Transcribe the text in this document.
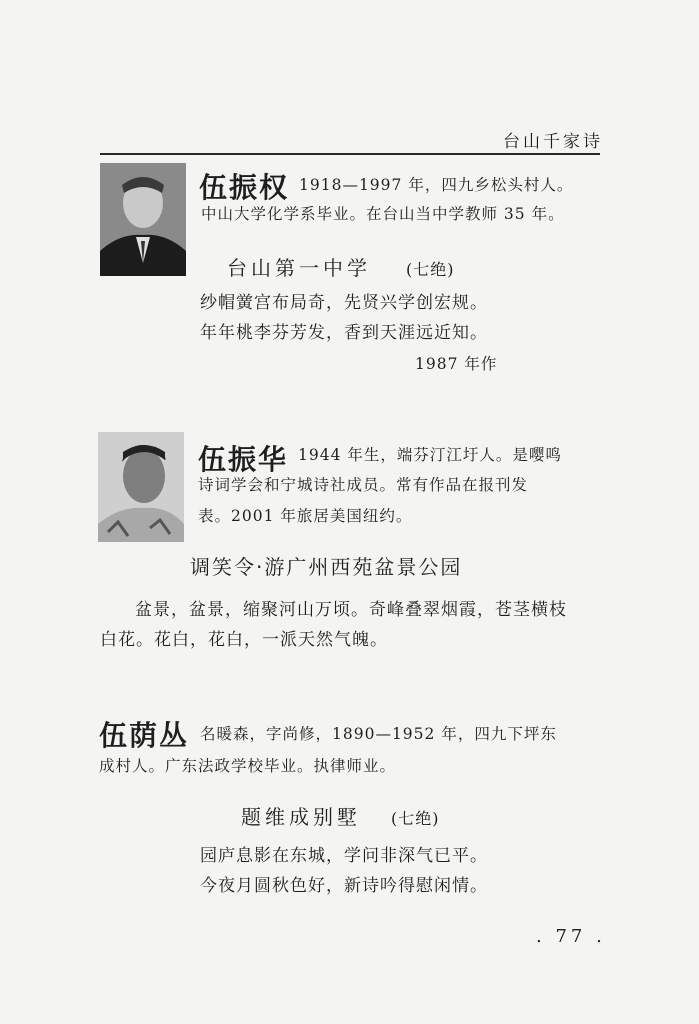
台山千家诗
伍振权 1918—1997 年，四九乡松头村人。
中山大学化学系毕业。在台山当中学教师 35 年。
台山第一中学 (七绝)
纱帽黉宫布局奇，先贤兴学创宏规。
年年桃李芬芳发，香到天涯远近知。
1987 年作
伍振华 1944 年生，端芬汀江圩人。是嘤鸣
诗词学会和宁城诗社成员。常有作品在报刊发
表。2001 年旅居美国纽约。
调笑令·游广州西苑盆景公园
盆景，盆景，缩聚河山万顷。奇峰叠翠烟霞，苍茎横枝
白花。花白，花白，一派天然气魄。
伍荫丛 名暖森，字尚修，1890—1952 年，四九下坪东
成村人。广东法政学校毕业。执律师业。
题维成别墅 (七绝)
园庐息影在东城，学问非深气已平。
今夜月圆秋色好，新诗吟得慰闲情。
. 77 .
